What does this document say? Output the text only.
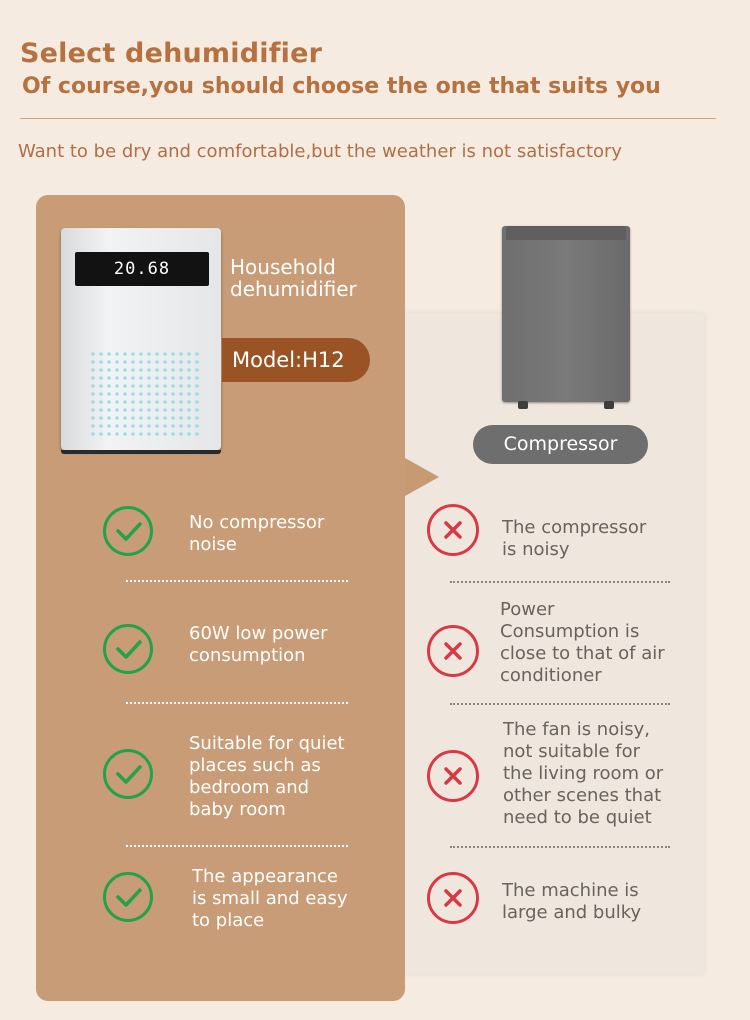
Select dehumidifier
Of course,you should choose the one that suits you
Want to be dry and comfortable,but the weather is not satisfactory
20.68	Household
dehumidifier
Model:H12
Compressor
No compressor
noise
60W low power
consumption
Suitable for quiet
places such as
bedroom and
baby room
The appearance
is small and easy
to place
The compressor
is noisy
Power
Consumption is
close to that of air
conditioner
The fan is noisy,
not suitable for
the living room or
other scenes that
need to be quiet
The machine is
large and bulky
